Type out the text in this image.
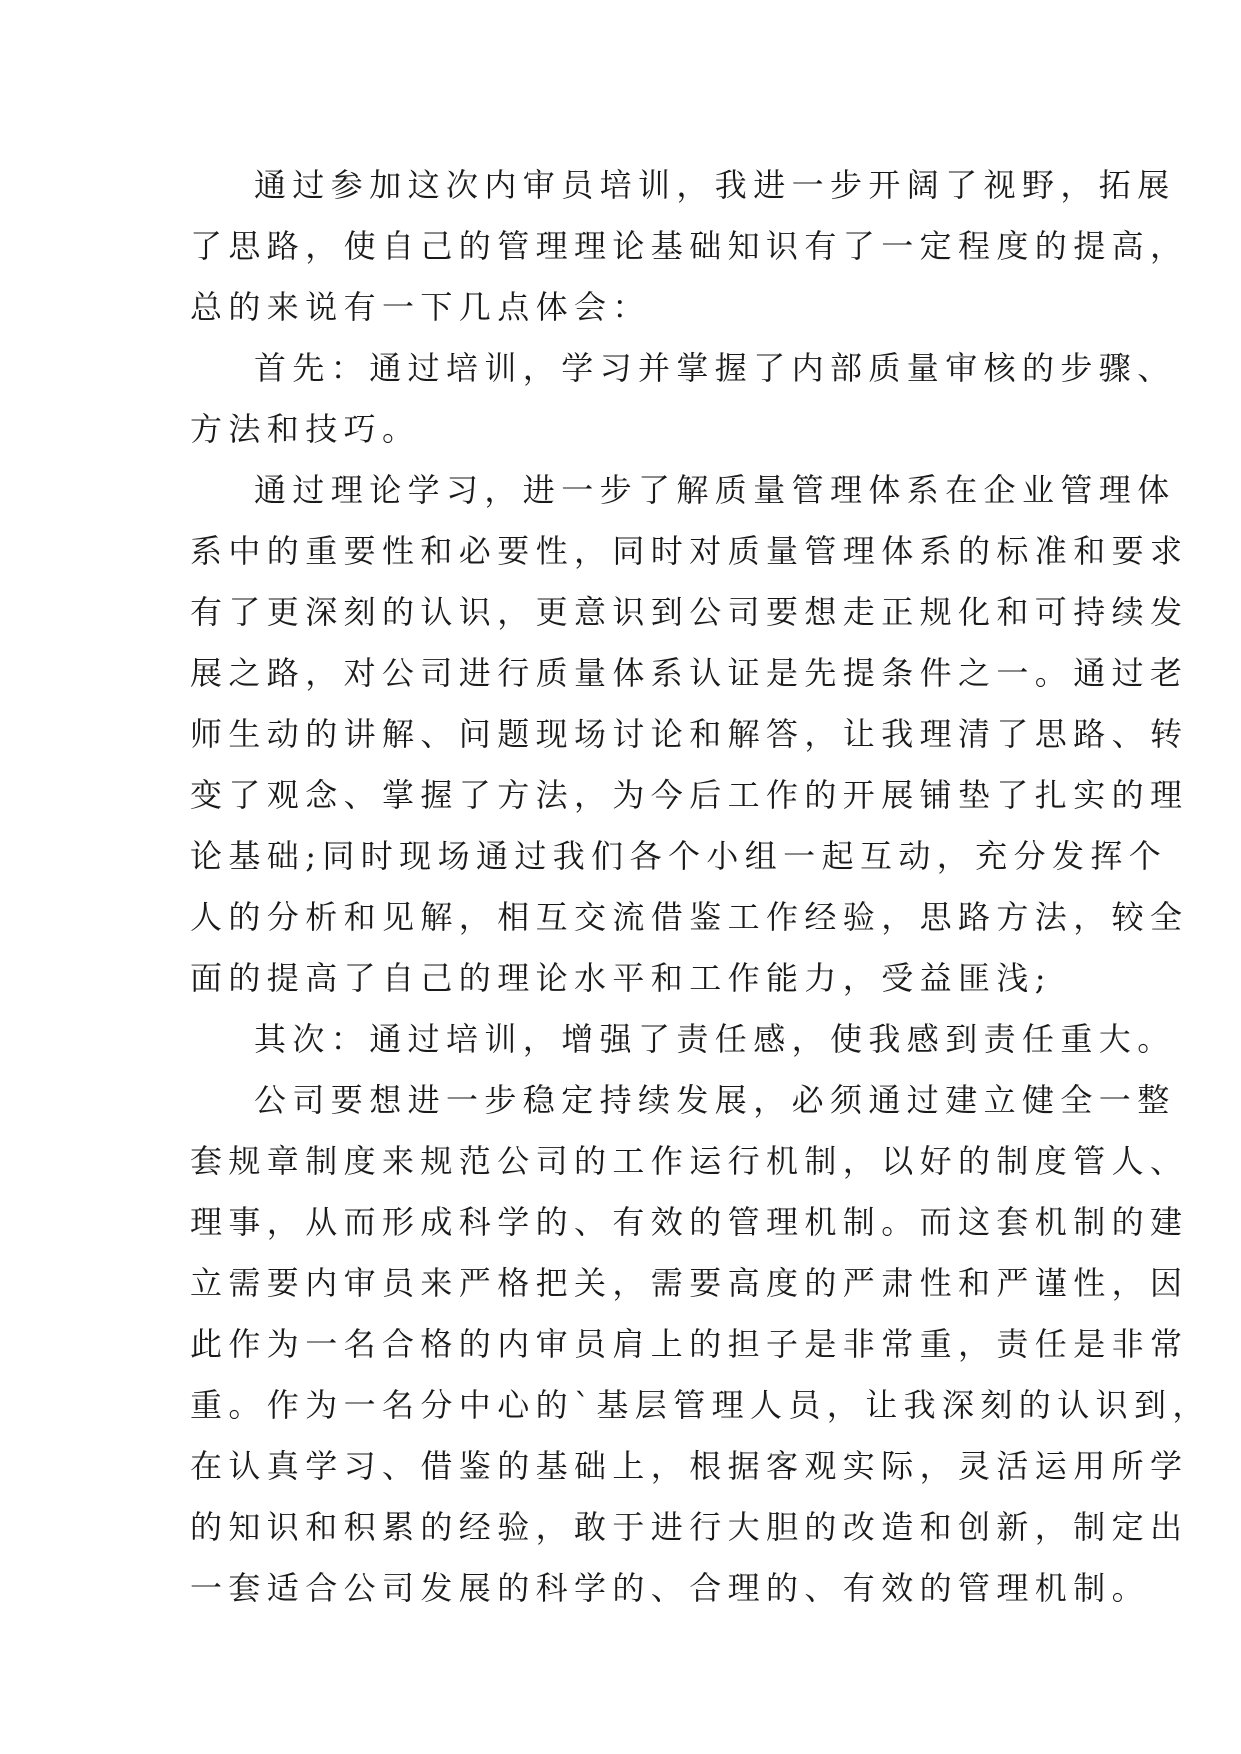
通过参加这次内审员培训，我进一步开阔了视野，拓展

了思路，使自己的管理理论基础知识有了一定程度的提高，

总的来说有一下几点体会：

首先：通过培训，学习并掌握了内部质量审核的步骤、

方法和技巧。

通过理论学习，进一步了解质量管理体系在企业管理体

系中的重要性和必要性，同时对质量管理体系的标准和要求

有了更深刻的认识，更意识到公司要想走正规化和可持续发

展之路，对公司进行质量体系认证是先提条件之一。通过老

师生动的讲解、问题现场讨论和解答，让我理清了思路、转

变了观念、掌握了方法，为今后工作的开展铺垫了扎实的理

论基础;同时现场通过我们各个小组一起互动，充分发挥个

人的分析和见解，相互交流借鉴工作经验，思路方法，较全

面的提高了自己的理论水平和工作能力，受益匪浅;

其次：通过培训，增强了责任感，使我感到责任重大。

公司要想进一步稳定持续发展，必须通过建立健全一整

套规章制度来规范公司的工作运行机制，以好的制度管人、

理事，从而形成科学的、有效的管理机制。而这套机制的建

立需要内审员来严格把关，需要高度的严肃性和严谨性，因

此作为一名合格的内审员肩上的担子是非常重，责任是非常

重。作为一名分中心的`基层管理人员，让我深刻的认识到，

在认真学习、借鉴的基础上，根据客观实际，灵活运用所学

的知识和积累的经验，敢于进行大胆的改造和创新，制定出

一套适合公司发展的科学的、合理的、有效的管理机制。
